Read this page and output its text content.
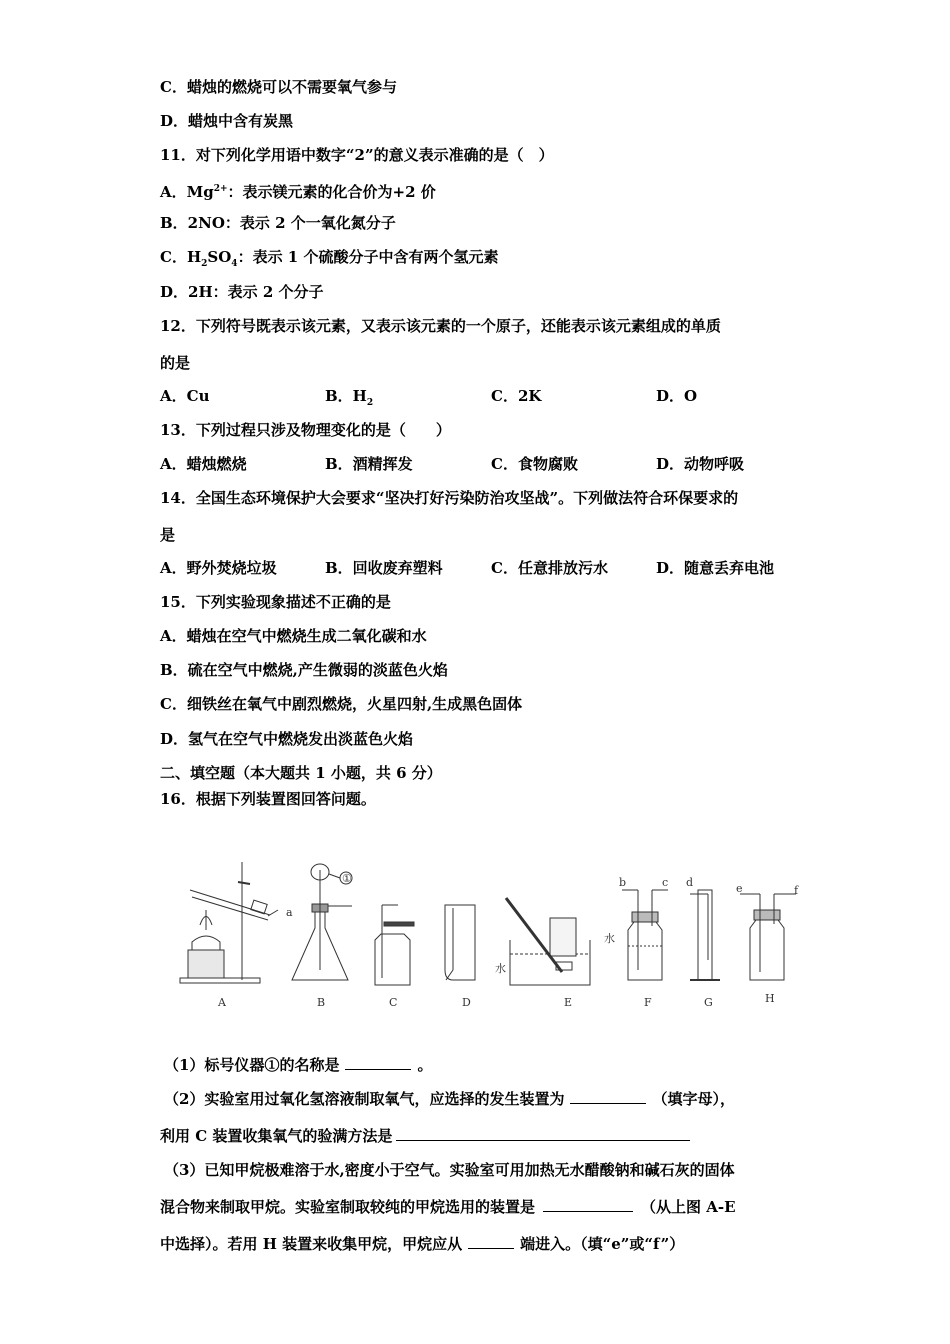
C．蜡烛的燃烧可以不需要氧气参与
D．蜡烛中含有炭黑
11．对下列化学用语中数字“2”的意义表示准确的是（　）
A．$Mg^{2+}$：表示镁元素的化合价为+2 价
B．2NO：表示 2 个一氧化氮分子
C．$H_2SO_4$：表示 1 个硫酸分子中含有两个氢元素
D．2H：表示 2 个分子
12．下列符号既表示该元素，又表示该元素的一个原子，还能表示该元素组成的单质
的是
A．Cu	B．$H_2$	C．2K	D．O
13．下列过程只涉及物理变化的是（　　）
A．蜡烛燃烧	B．酒精挥发	C．食物腐败	D．动物呼吸
14．全国生态环境保护大会要求“坚决打好污染防治攻坚战”。下列做法符合环保要求的
是
A．野外焚烧垃圾	B．回收废弃塑料	C．任意排放污水	D．随意丢弃电池
15．下列实验现象描述不正确的是
A．蜡烛在空气中燃烧生成二氧化碳和水
B．硫在空气中燃烧,产生微弱的淡蓝色火焰
C．细铁丝在氧气中剧烈燃烧，火星四射,生成黑色固体
D．氢气在空气中燃烧发出淡蓝色火焰
二、填空题（本大题共 1 小题，共 6 分）
16．根据下列装置图回答问题。
A	B	C	D	E	F	G	H
①
a
b	c d	e	f
水
水
（1）标号仪器①的名称是	。
（2）实验室用过氧化氢溶液制取氧气，应选择的发生装置为	（填字母），
利用 C 装置收集氧气的验满方法是
（3）已知甲烷极难溶于水,密度小于空气。实验室可用加热无水醋酸钠和碱石灰的固体
混合物来制取甲烷。实验室制取较纯的甲烷选用的装置是	（从上图 A-E
中选择）。若用 H 装置来收集甲烷，甲烷应从	端进入。（填“e”或“f”）
